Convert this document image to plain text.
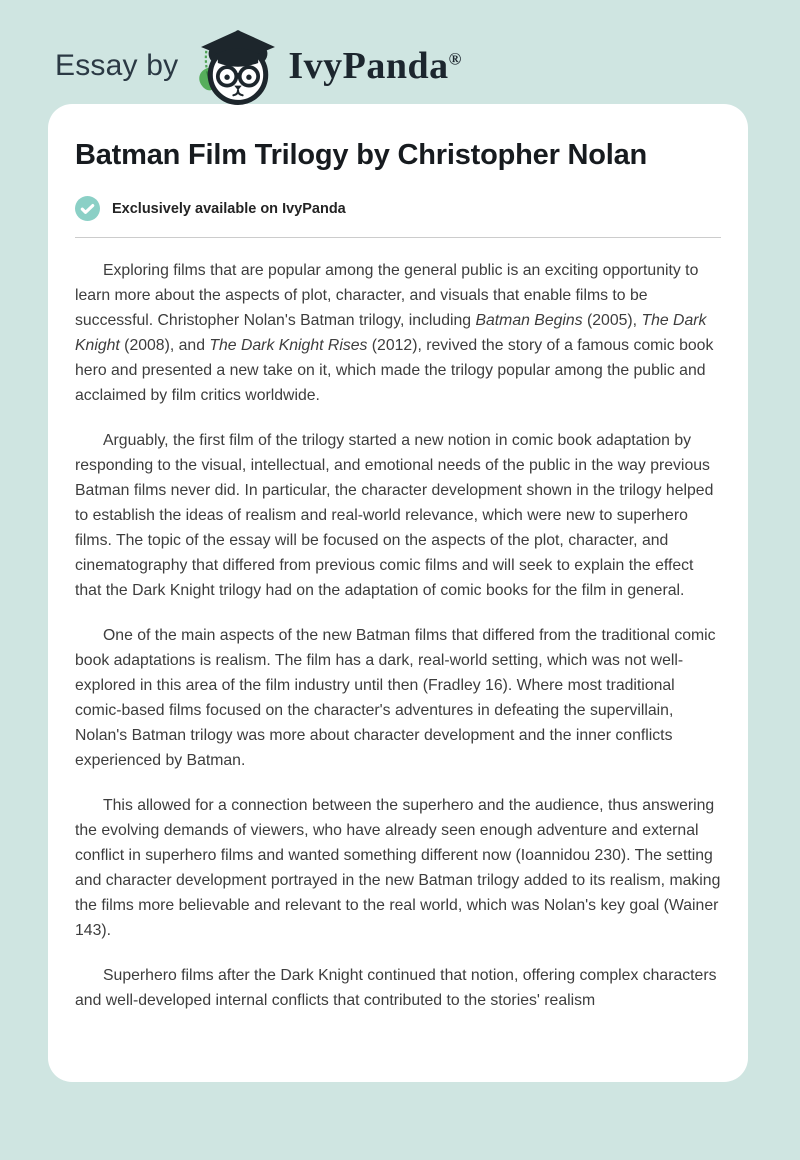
Essay by	IvyPanda®
Batman Film Trilogy by Christopher Nolan
Exclusively available on IvyPanda

Exploring films that are popular among the general public is an exciting opportunity to learn more about the aspects of plot, character, and visuals that enable films to be successful. Christopher Nolan's Batman trilogy, including Batman Begins (2005), The Dark Knight (2008), and The Dark Knight Rises (2012), revived the story of a famous comic book hero and presented a new take on it, which made the trilogy popular among the public and acclaimed by film critics worldwide.

Arguably, the first film of the trilogy started a new notion in comic book adaptation by responding to the visual, intellectual, and emotional needs of the public in the way previous Batman films never did. In particular, the character development shown in the trilogy helped to establish the ideas of realism and real-world relevance, which were new to superhero films. The topic of the essay will be focused on the aspects of the plot, character, and cinematography that differed from previous comic films and will seek to explain the effect that the Dark Knight trilogy had on the adaptation of comic books for the film in general.

One of the main aspects of the new Batman films that differed from the traditional comic book adaptations is realism. The film has a dark, real-world setting, which was not well-explored in this area of the film industry until then (Fradley 16). Where most traditional comic-based films focused on the character's adventures in defeating the supervillain, Nolan's Batman trilogy was more about character development and the inner conflicts experienced by Batman.

This allowed for a connection between the superhero and the audience, thus answering the evolving demands of viewers, who have already seen enough adventure and external conflict in superhero films and wanted something different now (Ioannidou 230). The setting and character development portrayed in the new Batman trilogy added to its realism, making the films more believable and relevant to the real world, which was Nolan's key goal (Wainer 143).

Superhero films after the Dark Knight continued that notion, offering complex characters and well-developed internal conflicts that contributed to the stories' realism
